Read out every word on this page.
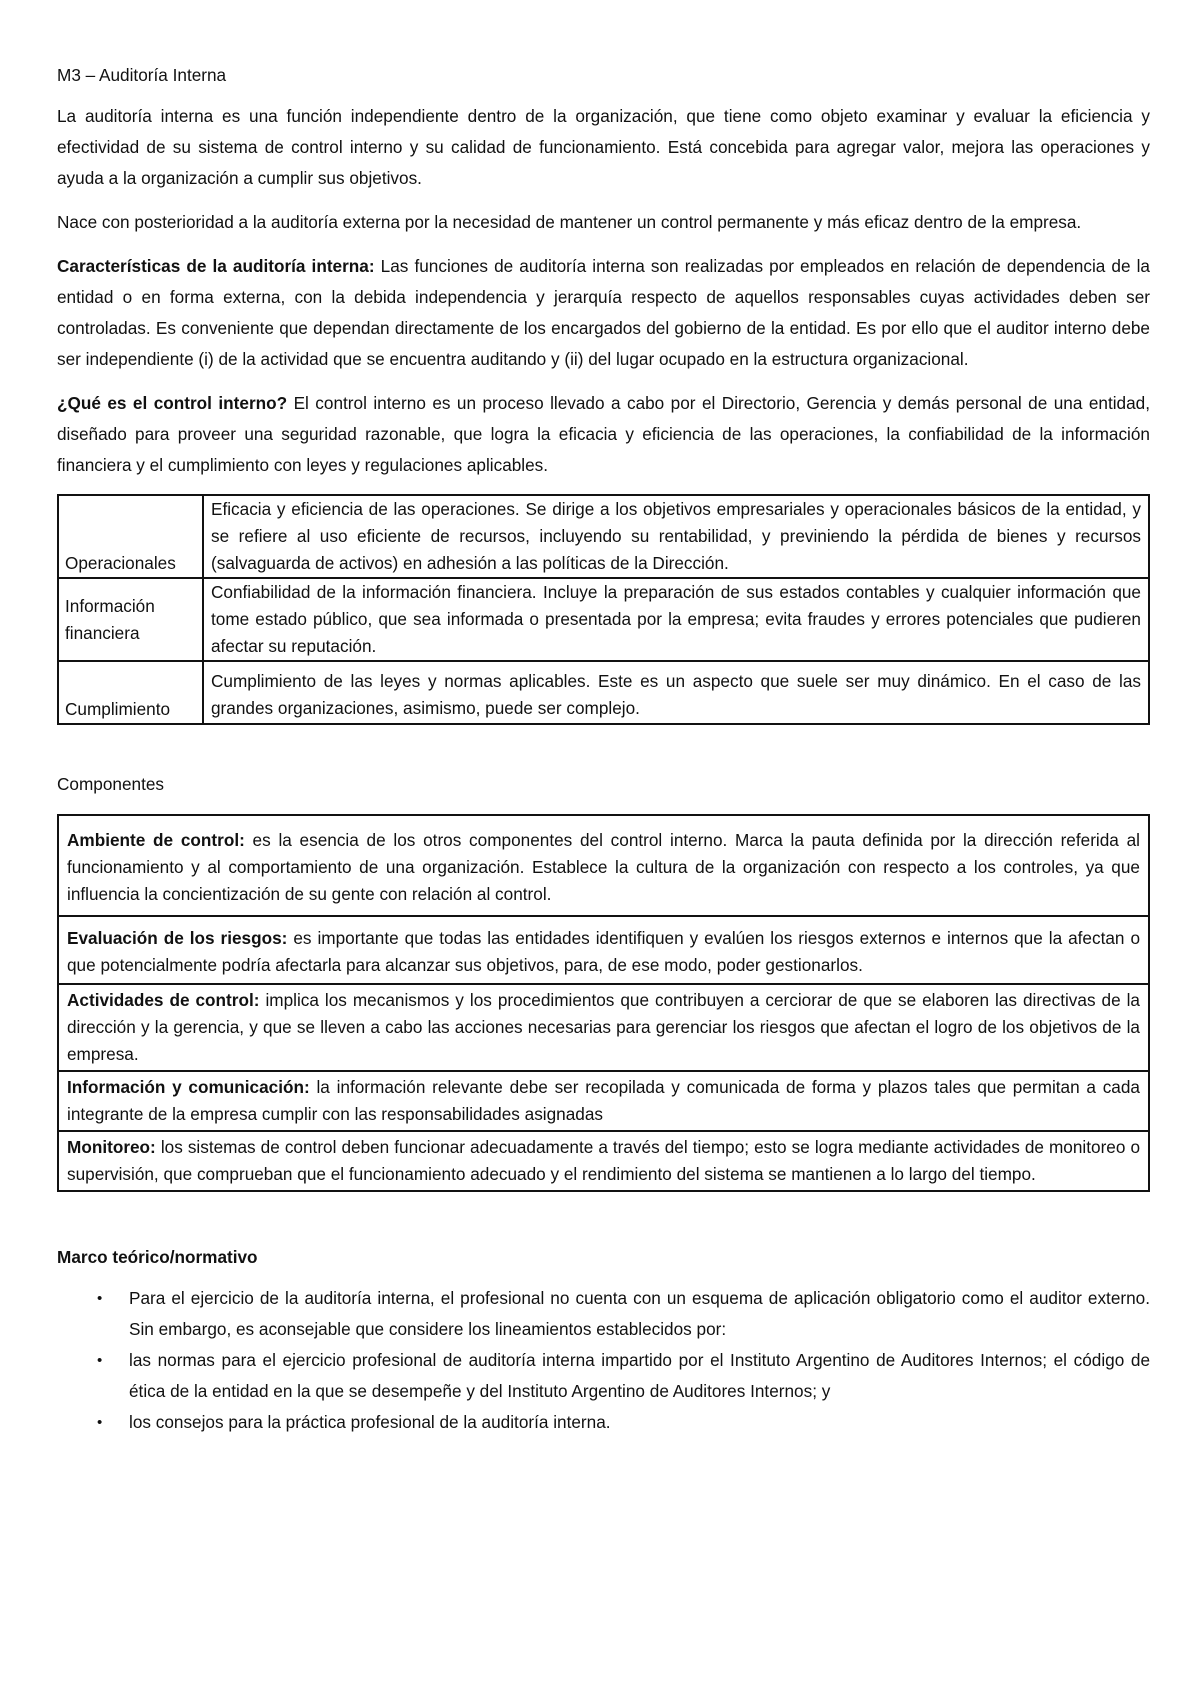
M3 – Auditoría Interna

La auditoría interna es una función independiente dentro de la organización, que tiene como objeto examinar y evaluar la eficiencia y efectividad de su sistema de control interno y su calidad de funcionamiento. Está concebida para agregar valor, mejora las operaciones y ayuda a la organización a cumplir sus objetivos.

Nace con posterioridad a la auditoría externa por la necesidad de mantener un control permanente y más eficaz dentro de la empresa.

Características de la auditoría interna: Las funciones de auditoría interna son realizadas por empleados en relación de dependencia de la entidad o en forma externa, con la debida independencia y jerarquía respecto de aquellos responsables cuyas actividades deben ser controladas. Es conveniente que dependan directamente de los encargados del gobierno de la entidad. Es por ello que el auditor interno debe ser independiente (i) de la actividad que se encuentra auditando y (ii) del lugar ocupado en la estructura organizacional.

¿Qué es el control interno? El control interno es un proceso llevado a cabo por el Directorio, Gerencia y demás personal de una entidad, diseñado para proveer una seguridad razonable, que logra la eficacia y eficiencia de las operaciones, la confiabilidad de la información financiera y el cumplimiento con leyes y regulaciones aplicables.

Operacionales	Eficacia y eficiencia de las operaciones. Se dirige a los objetivos empresariales y operacionales básicos de la entidad, y se refiere al uso eficiente de recursos, incluyendo su rentabilidad, y previniendo la pérdida de bienes y recursos (salvaguarda de activos) en adhesión a las políticas de la Dirección.
Información financiera	Confiabilidad de la información financiera. Incluye la preparación de sus estados contables y cualquier información que tome estado público, que sea informada o presentada por la empresa; evita fraudes y errores potenciales que pudieren afectar su reputación.
Cumplimiento	Cumplimiento de las leyes y normas aplicables. Este es un aspecto que suele ser muy dinámico. En el caso de las grandes organizaciones, asimismo, puede ser complejo.

Componentes

Ambiente de control: es la esencia de los otros componentes del control interno. Marca la pauta definida por la dirección referida al funcionamiento y al comportamiento de una organización. Establece la cultura de la organización con respecto a los controles, ya que influencia la concientización de su gente con relación al control.
Evaluación de los riesgos: es importante que todas las entidades identifiquen y evalúen los riesgos externos e internos que la afectan o que potencialmente podría afectarla para alcanzar sus objetivos, para, de ese modo, poder gestionarlos.
Actividades de control: implica los mecanismos y los procedimientos que contribuyen a cerciorar de que se elaboren las directivas de la dirección y la gerencia, y que se lleven a cabo las acciones necesarias para gerenciar los riesgos que afectan el logro de los objetivos de la empresa.
Información y comunicación: la información relevante debe ser recopilada y comunicada de forma y plazos tales que permitan a cada integrante de la empresa cumplir con las responsabilidades asignadas
Monitoreo: los sistemas de control deben funcionar adecuadamente a través del tiempo; esto se logra mediante actividades de monitoreo o supervisión, que comprueban que el funcionamiento adecuado y el rendimiento del sistema se mantienen a lo largo del tiempo.

Marco teórico/normativo

• Para el ejercicio de la auditoría interna, el profesional no cuenta con un esquema de aplicación obligatorio como el auditor externo. Sin embargo, es aconsejable que considere los lineamientos establecidos por:
• las normas para el ejercicio profesional de auditoría interna impartido por el Instituto Argentino de Auditores Internos; el código de ética de la entidad en la que se desempeñe y del Instituto Argentino de Auditores Internos; y
• los consejos para la práctica profesional de la auditoría interna.
